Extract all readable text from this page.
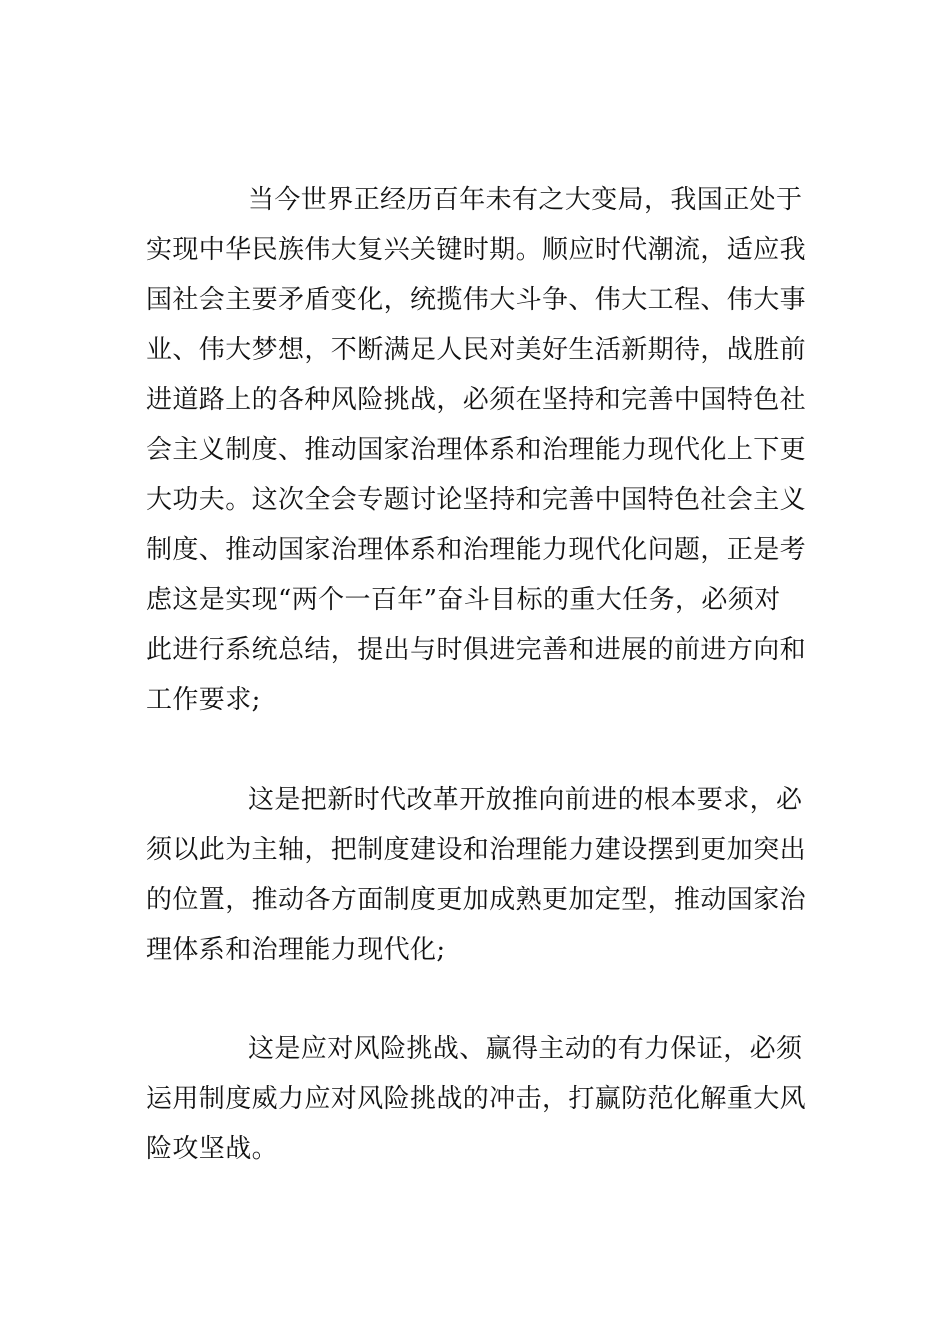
当今世界正经历百年未有之大变局，我国正处于
实现中华民族伟大复兴关键时期。顺应时代潮流，适应我
国社会主要矛盾变化，统揽伟大斗争、伟大工程、伟大事
业、伟大梦想，不断满足人民对美好生活新期待，战胜前
进道路上的各种风险挑战，必须在坚持和完善中国特色社
会主义制度、推动国家治理体系和治理能力现代化上下更
大功夫。这次全会专题讨论坚持和完善中国特色社会主义
制度、推动国家治理体系和治理能力现代化问题，正是考
虑这是实现“两个一百年”奋斗目标的重大任务，必须对
此进行系统总结，提出与时俱进完善和进展的前进方向和
工作要求;
这是把新时代改革开放推向前进的根本要求，必
须以此为主轴，把制度建设和治理能力建设摆到更加突出
的位置，推动各方面制度更加成熟更加定型，推动国家治
理体系和治理能力现代化;
这是应对风险挑战、赢得主动的有力保证，必须
运用制度威力应对风险挑战的冲击，打赢防范化解重大风
险攻坚战。
